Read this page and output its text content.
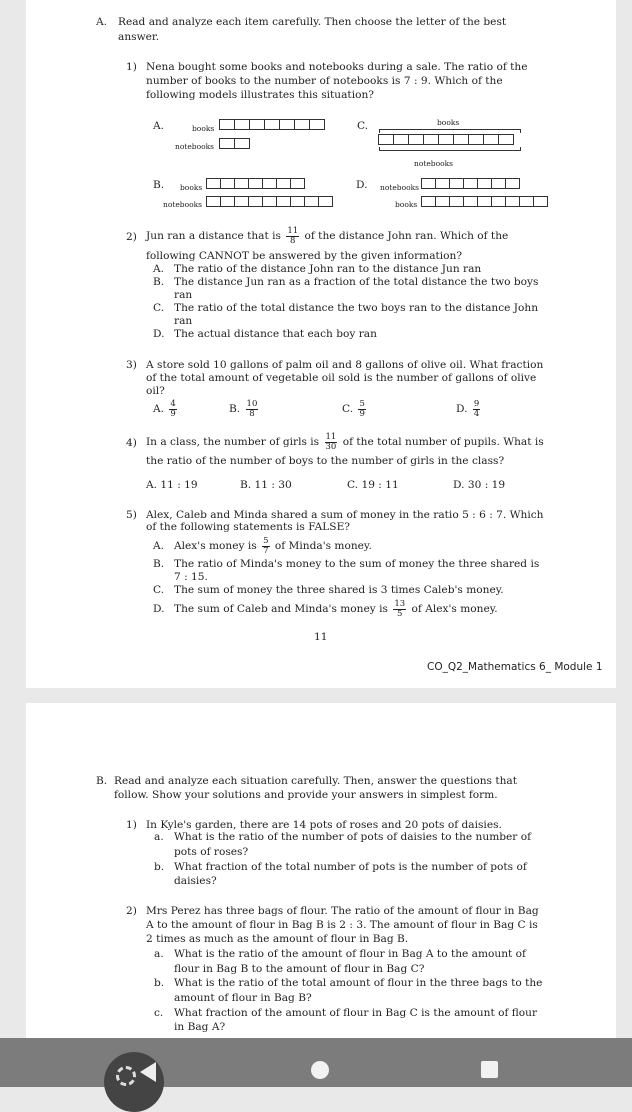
A. Read and analyze each item carefully. Then choose the letter of the best
answer.
1) Nena bought some books and notebooks during a sale. The ratio of the
number of books to the number of notebooks is 7 : 9. Which of the
following models illustrates this situation?
A.	books
notebooks
C.	books
notebooks
B. books
notebooks
D. notebooks
books
2) Jun ran a distance that is $\frac{11}{8}$ of the distance John ran. Which of the
following CANNOT be answered by the given information?
A. The ratio of the distance John ran to the distance Jun ran
B. The distance Jun ran as a fraction of the total distance the two boys
ran
C. The ratio of the total distance the two boys ran to the distance John
ran
D. The actual distance that each boy ran
3) A store sold 10 gallons of palm oil and 8 gallons of olive oil. What fraction
of the total amount of vegetable oil sold is the number of gallons of olive
oil?
A. $\frac{4}{9}$	B. $\frac{10}{8}$	C. $\frac{5}{9}$	D. $\frac{9}{4}$
4) In a class, the number of girls is $\frac{11}{30}$ of the total number of pupils. What is
the ratio of the number of boys to the number of girls in the class?
A. 11 : 19	B. 11 : 30	C. 19 : 11	D. 30 : 19
5) Alex, Caleb and Minda shared a sum of money in the ratio 5 : 6 : 7. Which
of the following statements is FALSE?
A. Alex's money is $\frac{5}{7}$ of Minda's money.
B. The ratio of Minda's money to the sum of money the three shared is
7 : 15.
C. The sum of money the three shared is 3 times Caleb's money.
D. The sum of Caleb and Minda's money is $\frac{13}{5}$ of Alex's money.
11
CO_Q2_Mathematics 6_ Module 1
B. Read and analyze each situation carefully. Then, answer the questions that
follow. Show your solutions and provide your answers in simplest form.
1) In Kyle's garden, there are 14 pots of roses and 20 pots of daisies.
a. What is the ratio of the number of pots of daisies to the number of
pots of roses?
b. What fraction of the total number of pots is the number of pots of
daisies?
2) Mrs Perez has three bags of flour. The ratio of the amount of flour in Bag
A to the amount of flour in Bag B is 2 : 3. The amount of flour in Bag C is
2 times as much as the amount of flour in Bag B.
a. What is the ratio of the amount of flour in Bag A to the amount of
flour in Bag B to the amount of flour in Bag C?
b. What is the ratio of the total amount of flour in the three bags to the
amount of flour in Bag B?
c. What fraction of the amount of flour in Bag C is the amount of flour
in Bag A?
